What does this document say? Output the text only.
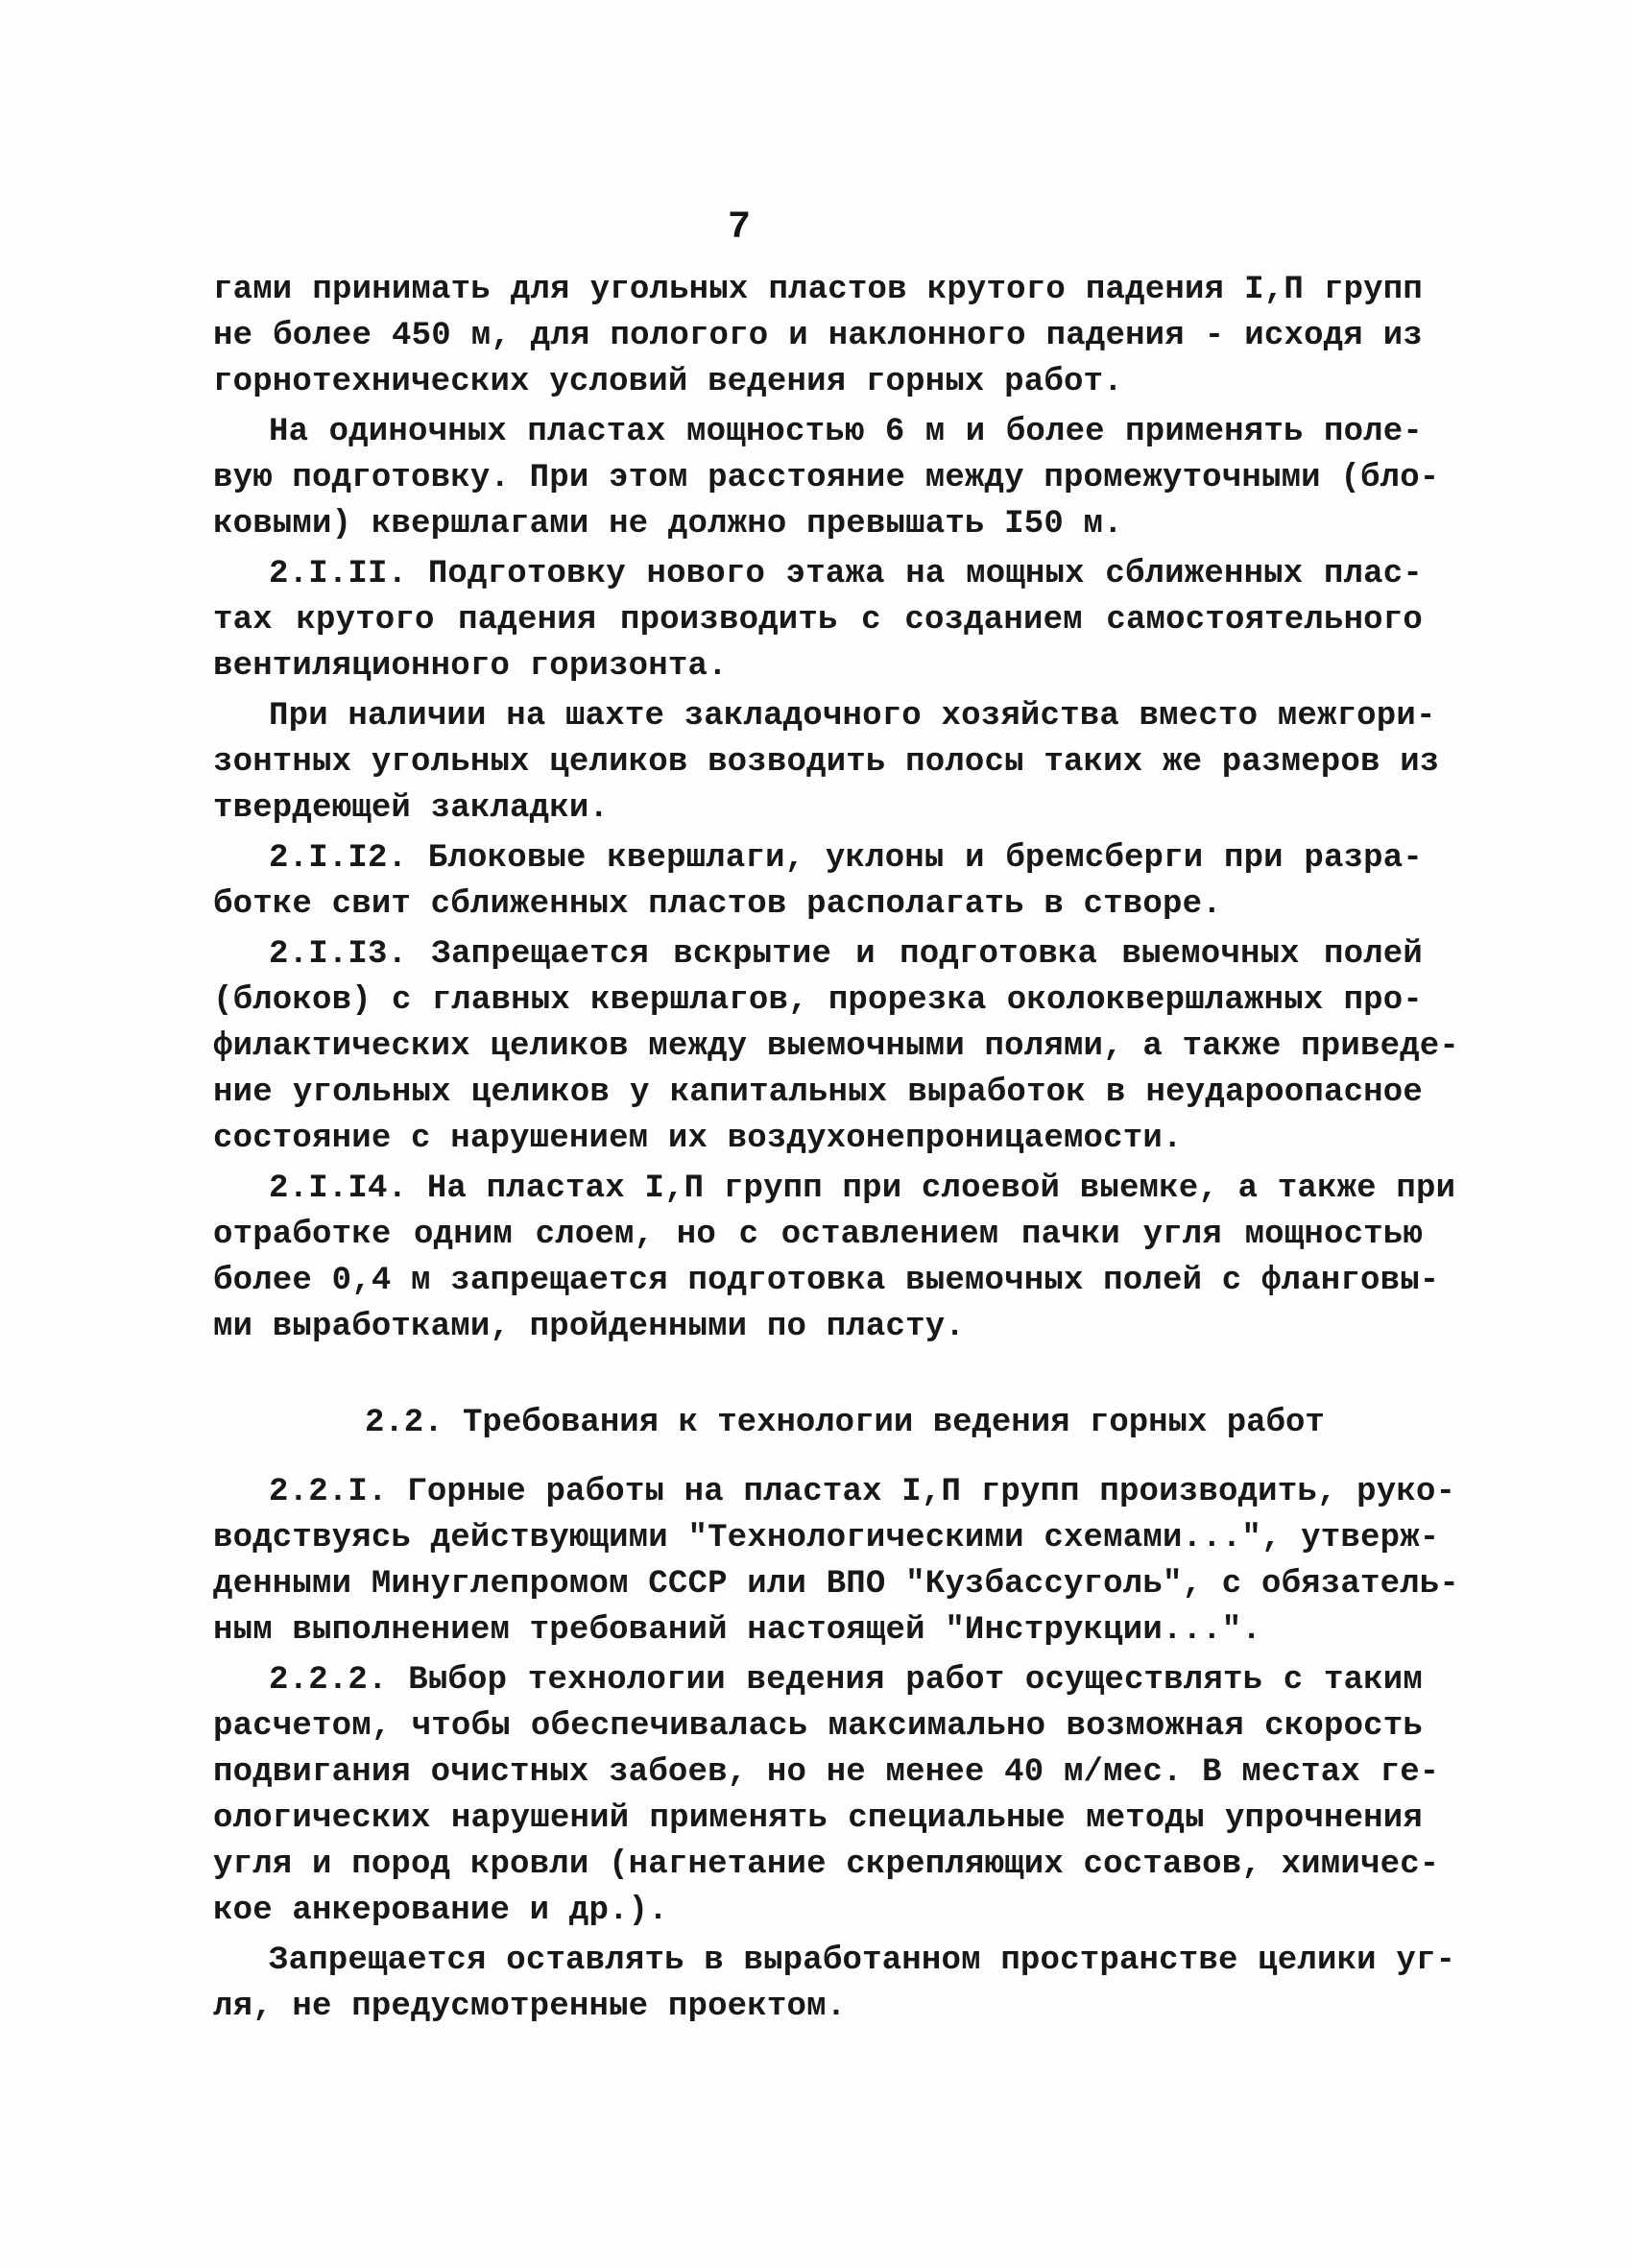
7
гами принимать для угольных пластов крутого падения I,П групп
не более 450 м, для пологого и наклонного падения - исходя из
горнотехнических условий ведения горных работ.
На одиночных пластах мощностью 6 м и более применять поле-
вую подготовку. При этом расстояние между промежуточными (бло-
ковыми) квершлагами не должно превышать I50 м.
2.I.II. Подготовку нового этажа на мощных сближенных плас-
тах крутого падения производить с созданием самостоятельного
вентиляционного горизонта.
При наличии на шахте закладочного хозяйства вместо межгори-
зонтных угольных целиков возводить полосы таких же размеров из
твердеющей закладки.
2.I.I2. Блоковые квершлаги, уклоны и бремсберги при разра-
ботке свит сближенных пластов располагать в створе.
2.I.I3. Запрещается вскрытие и подготовка выемочных полей
(блоков) с главных квершлагов, прорезка околоквершлажных про-
филактических целиков между выемочными полями, а также приведе-
ние угольных целиков у капитальных выработок в неудароопасное
состояние с нарушением их воздухонепроницаемости.
2.I.I4. На пластах I,П групп при слоевой выемке, а также при
отработке одним слоем, но с оставлением пачки угля мощностью
более 0,4 м запрещается подготовка выемочных полей с фланговы-
ми выработками, пройденными по пласту.
2.2. Требования к технологии ведения горных работ
2.2.I. Горные работы на пластах I,П групп производить, руко-
водствуясь действующими "Технологическими схемами...", утверж-
денными Минуглепромом СССР или ВПО "Кузбассуголь", с обязатель-
ным выполнением требований настоящей "Инструкции...".
2.2.2. Выбор технологии ведения работ осуществлять с таким
расчетом, чтобы обеспечивалась максимально возможная скорость
подвигания очистных забоев, но не менее 40 м/мес. В местах ге-
ологических нарушений применять специальные методы упрочнения
угля и пород кровли (нагнетание скрепляющих составов, химичес-
кое анкерование и др.).
Запрещается оставлять в выработанном пространстве целики уг-
ля, не предусмотренные проектом.
